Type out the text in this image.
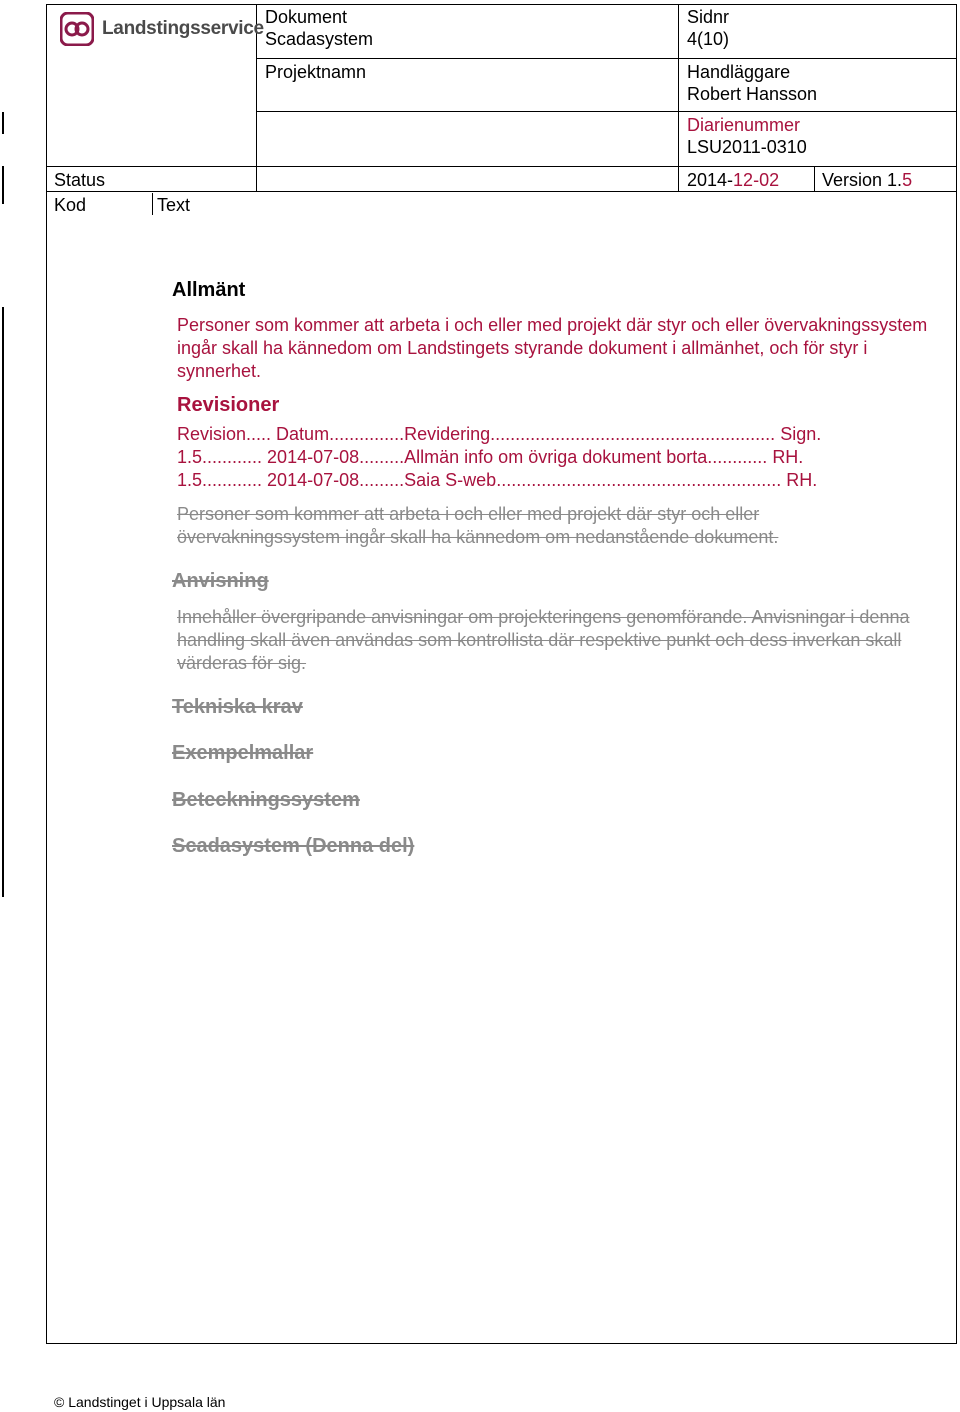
Landstingsservice
Dokument
Scadasystem
Projektnamn
Sidnr
4(10)
Handläggare
Robert Hansson
Diarienummer
LSU2011-0310
Status	2014-12-02 Version 1.5
Kod	Text
Allmänt
Personer som kommer att arbeta i och eller med projekt där styr och eller övervakningssystem ingår skall ha kännedom om Landstingets styrande dokument i allmänhet, och för styr i synnerhet.
Revisioner
Revision..... Datum...............Revidering......................................................... Sign.
1.5............ 2014-07-08.........Allmän info om övriga dokument borta............ RH.
1.5............ 2014-07-08.........Saia S-web......................................................... RH.
Personer som kommer att arbeta i och eller med projekt där styr och eller övervakningssystem ingår skall ha kännedom om nedanstående dokument.
Anvisning
Innehåller övergripande anvisningar om projekteringens genomförande. Anvisningar i denna handling skall även användas som kontrollista där respektive punkt och dess inverkan skall värderas för sig.
Tekniska krav
Exempelmallar
Beteckningssystem
Scadasystem (Denna del)
© Landstinget i Uppsala län
